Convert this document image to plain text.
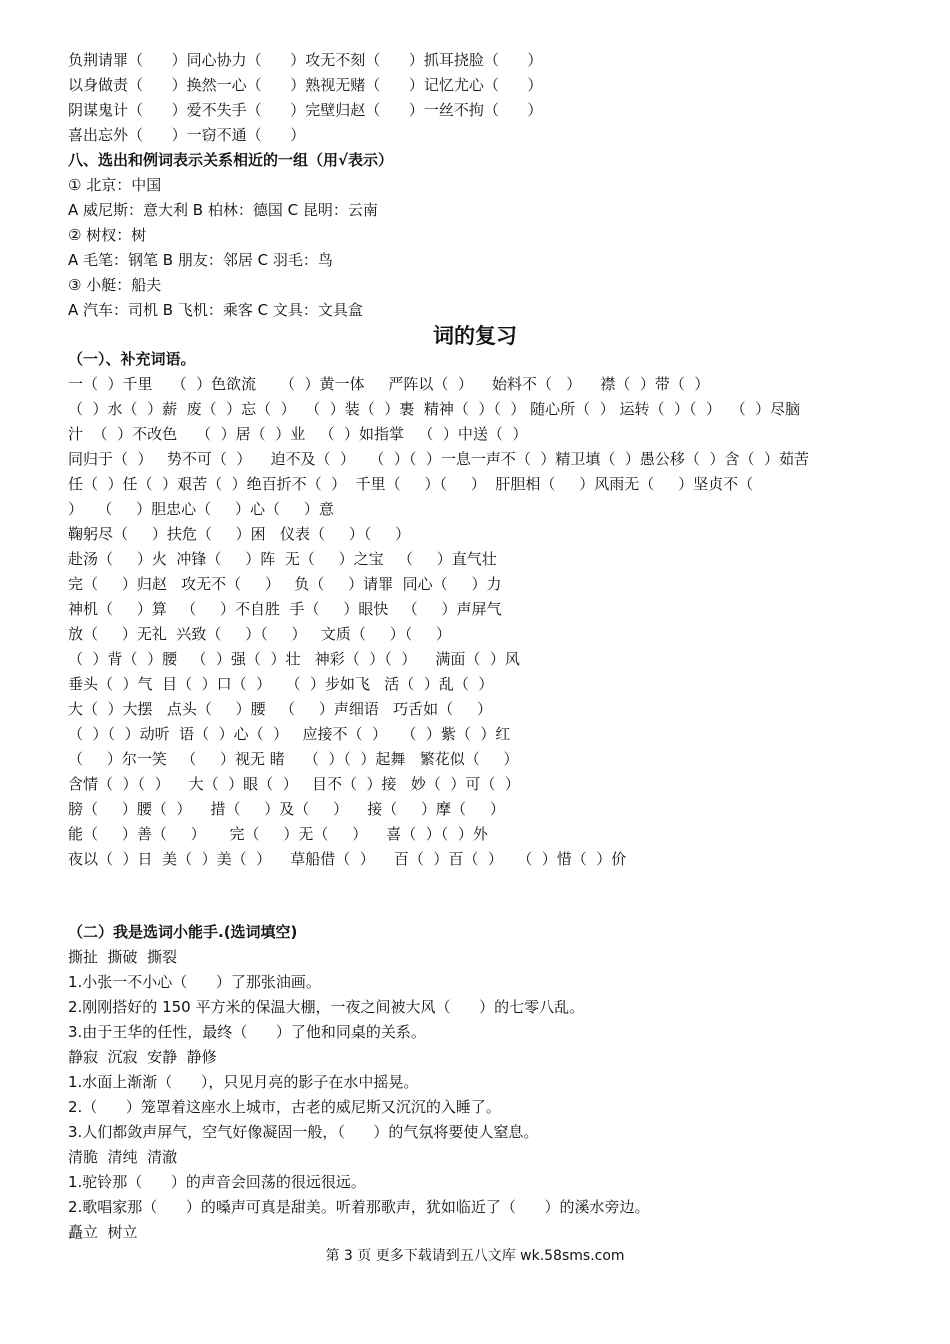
负荆请罪（      ）同心协力（      ）攻无不刻（      ）抓耳挠脸（      ）
以身做责（      ）换然一心（      ）熟视无赌（      ）记忆尤心（      ）
阴谋鬼计（      ）爱不失手（      ）完壁归赵（      ）一丝不拘（      ）
喜出忘外（      ）一窃不通（      ）
八、选出和例词表示关系相近的一组（用√表示）
① 北京：中国
A 威尼斯：意大利 B 柏林：德国 C 昆明：云南
② 树杈：树
A 毛笔：钢笔 B 朋友：邻居 C 羽毛：鸟
③ 小艇：船夫
A 汽车：司机 B 飞机：乘客 C 文具：文具盒
词的复习
（一）、补充词语。
一（  ）千里    （  ）色欲流     （  ）黄一体     严阵以（  ）    始料不（   ）    襟（  ）带（  ）
（  ）水（  ）薪  废（  ）忘（  ）  （  ）装（  ）裹  精神（  ）（  ） 随心所（  ） 运转（  ）（  ）  （  ）尽脑
汁  （  ）不改色    （  ）居（  ）业   （  ）如指掌   （  ）中送（  ）
同归于（  ）   势不可（  ）    迫不及（  ）   （  ）（  ）一息一声不（  ）精卫填（  ）愚公移（  ）含（  ）茹苦
任（  ）任（  ）艰苦（  ）绝百折不（  ）  千里（     ）（     ）  肝胆相（     ）风雨无（     ）坚贞不（
）   （     ）胆忠心（     ）心（     ）意
鞠躬尽（     ）扶危（     ）困   仪表（     ）（     ）
赴汤（     ）火  冲锋（     ）阵  无（     ）之宝   （     ）直气壮
完（     ）归赵   攻无不（     ）   负（     ）请罪  同心（     ）力
神机（     ）算   （     ）不自胜  手（     ）眼快   （     ）声屏气
放（     ）无礼  兴致（     ）（     ）   文质（     ）（     ）
（  ）背（  ）腰   （  ）强（  ）壮   神彩（  ）（  ）    满面（  ）风
垂头（  ）气  目（  ）口（  ）   （  ）步如飞   活（  ）乱（  ）
大（  ）大摆   点头（     ）腰   （     ）声细语   巧舌如（     ）
（  ）（  ）动听  语（  ）心（  ）   应接不（  ）   （  ）紫（  ）红
（     ）尔一笑   （     ）视无 睹    （  ）（  ）起舞   繁花似（     ）
含情（  ）（  ）    大（  ）眼（  ）   目不（  ）接   妙（  ）可（  ）
膀（     ）腰（  ）    措（     ）及（     ）    接（     ）摩（     ）
能（     ）善（     ）     完（     ）无（     ）    喜（  ）（  ）外
夜以（  ）日  美（  ）美（  ）    草船借（  ）    百（  ）百（  ）   （  ）惜（  ）价
（二）我是选词小能手.(选词填空)
撕扯  撕破  撕裂
1.小张一不小心（      ）了那张油画。
2.刚刚搭好的 150 平方米的保温大棚，一夜之间被大风（      ）的七零八乱。
3.由于王华的任性，最终（      ）了他和同桌的关系。
静寂  沉寂  安静  静修
1.水面上渐渐（      ），只见月亮的影子在水中摇晃。
2.（      ）笼罩着这座水上城市，古老的威尼斯又沉沉的入睡了。
3.人们都敛声屏气，空气好像凝固一般，（      ）的气氛将要使人窒息。
清脆  清纯  清澈
1.驼铃那（      ）的声音会回荡的很远很远。
2.歌唱家那（      ）的嗓声可真是甜美。听着那歌声，犹如临近了（      ）的溪水旁边。
矗立  树立
第 3 页 更多下载请到五八文库 wk.58sms.com
